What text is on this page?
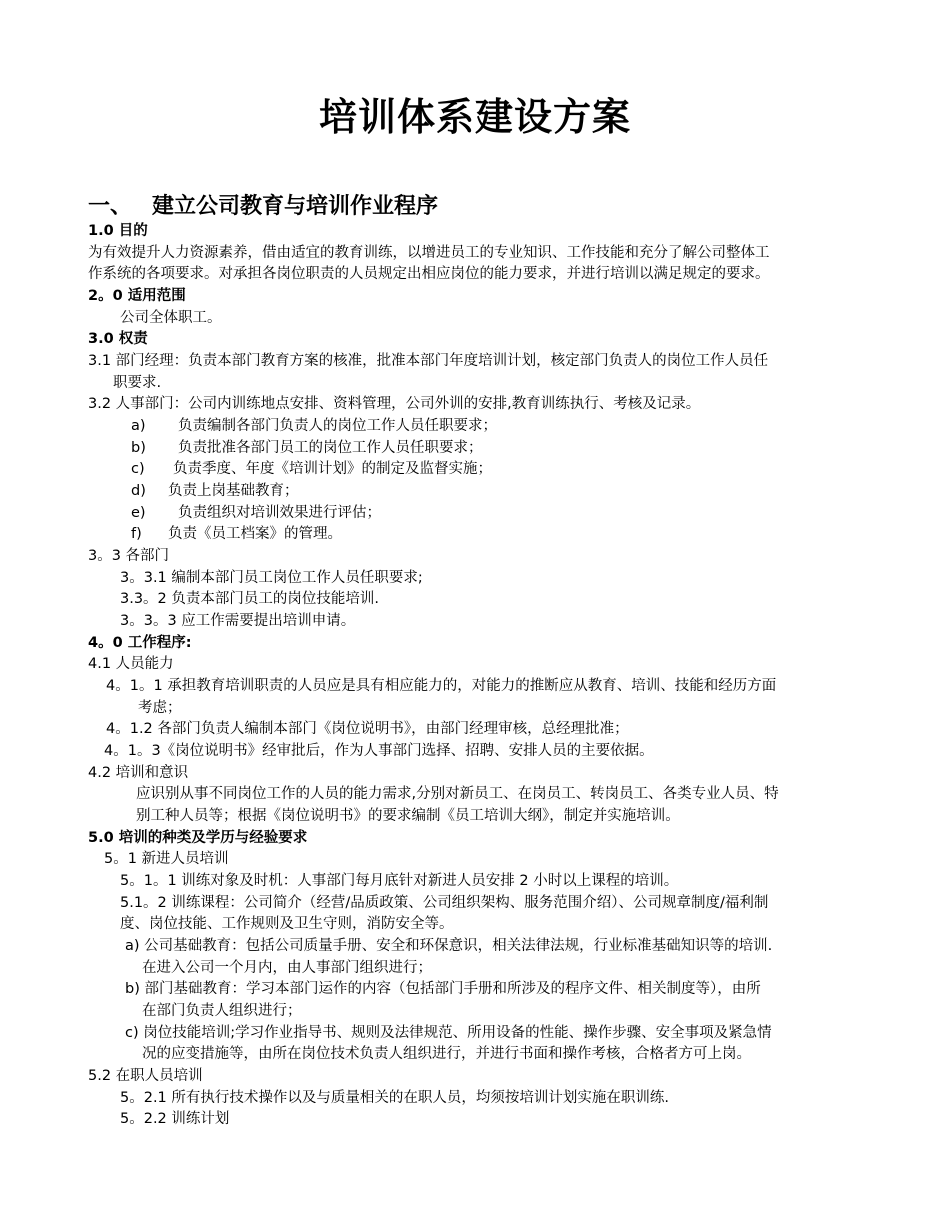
培训体系建设方案
一、 建立公司教育与培训作业程序
1.0 目的
为有效提升人力资源素养，借由适宜的教育训练，以增进员工的专业知识、工作技能和充分了解公司整体工
作系统的各项要求。对承担各岗位职责的人员规定出相应岗位的能力要求，并进行培训以满足规定的要求。
2。0 适用范围
公司全体职工。
3.0 权责
3.1 部门经理：负责本部门教育方案的核准，批准本部门年度培训计划，核定部门负责人的岗位工作人员任
职要求.
3.2 人事部门：公司内训练地点安排、资料管理，公司外训的安排,教育训练执行、考核及记录。
a) 负责编制各部门负责人的岗位工作人员任职要求；
b) 负责批准各部门员工的岗位工作人员任职要求；
c) 负责季度、年度《培训计划》的制定及监督实施；
d) 负责上岗基础教育；
e) 负责组织对培训效果进行评估；
f) 负责《员工档案》的管理。
3。3 各部门
3。3.1 编制本部门员工岗位工作人员任职要求;
3.3。2 负责本部门员工的岗位技能培训.
3。3。3 应工作需要提出培训申请。
4。0 工作程序:
4.1 人员能力
4。1。1 承担教育培训职责的人员应是具有相应能力的，对能力的推断应从教育、培训、技能和经历方面
考虑；
4。1.2 各部门负责人编制本部门《岗位说明书》，由部门经理审核，总经理批准；
4。1。3《岗位说明书》经审批后，作为人事部门选择、招聘、安排人员的主要依据。
4.2 培训和意识
应识别从事不同岗位工作的人员的能力需求,分别对新员工、在岗员工、转岗员工、各类专业人员、特
别工种人员等；根据《岗位说明书》的要求编制《员工培训大纲》，制定并实施培训。
5.0 培训的种类及学历与经验要求
5。1 新进人员培训
5。1。1 训练对象及时机：人事部门每月底针对新进人员安排 2 小时以上课程的培训。
5.1。2 训练课程：公司简介（经营/品质政策、公司组织架构、服务范围介绍）、公司规章制度/福利制
度、岗位技能、工作规则及卫生守则，消防安全等。
a) 公司基础教育：包括公司质量手册、安全和环保意识，相关法律法规，行业标准基础知识等的培训.
在进入公司一个月内，由人事部门组织进行；
b) 部门基础教育：学习本部门运作的内容（包括部门手册和所涉及的程序文件、相关制度等），由所
在部门负责人组织进行；
c) 岗位技能培训;学习作业指导书、规则及法律规范、所用设备的性能、操作步骤、安全事项及紧急情
况的应变措施等，由所在岗位技术负责人组织进行，并进行书面和操作考核，合格者方可上岗。
5.2 在职人员培训
5。2.1 所有执行技术操作以及与质量相关的在职人员，均须按培训计划实施在职训练.
5。2.2 训练计划
